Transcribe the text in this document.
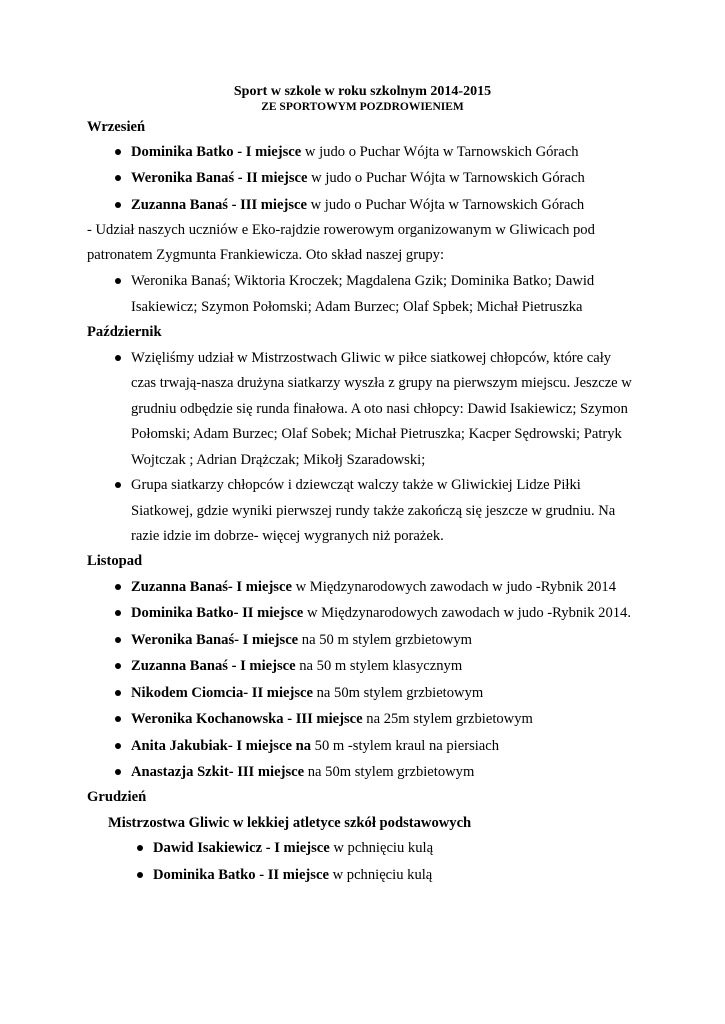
Sport w szkole w roku szkolnym 2014-2015
ZE SPORTOWYM POZDROWIENIEM
Wrzesień
Dominika Batko - I miejsce w judo o Puchar Wójta w Tarnowskich Górach
Weronika Banaś - II miejsce w judo o Puchar Wójta w Tarnowskich Górach
Zuzanna Banaś - III miejsce w judo o Puchar Wójta w Tarnowskich Górach
- Udział naszych uczniów e Eko-rajdzie rowerowym organizowanym w Gliwicach pod
patronatem Zygmunta Frankiewicza. Oto skład naszej grupy:
Weronika Banaś; Wiktoria Kroczek; Magdalena Gzik; Dominika Batko; Dawid
Isakiewicz; Szymon Połomski; Adam Burzec; Olaf Spbek; Michał Pietruszka
Październik
Wzięliśmy udział w Mistrzostwach Gliwic w piłce siatkowej chłopców, które cały
czas trwają-nasza drużyna siatkarzy wyszła z grupy na pierwszym miejscu. Jeszcze w
grudniu odbędzie się runda finałowa. A oto nasi chłopcy: Dawid Isakiewicz; Szymon
Połomski; Adam Burzec; Olaf Sobek; Michał Pietruszka; Kacper Sędrowski; Patryk
Wojtczak ; Adrian Drążczak; Mikołj Szaradowski;
Grupa siatkarzy chłopców i dziewcząt walczy także w Gliwickiej Lidze Piłki
Siatkowej, gdzie wyniki pierwszej rundy także zakończą się jeszcze w grudniu. Na
razie idzie im dobrze- więcej wygranych niż porażek.
Listopad
Zuzanna Banaś- I miejsce w Międzynarodowych zawodach w judo -Rybnik 2014
Dominika Batko- II miejsce w Międzynarodowych zawodach w judo -Rybnik 2014.
Weronika Banaś- I miejsce na 50 m stylem grzbietowym
Zuzanna Banaś - I miejsce na 50 m stylem klasycznym
Nikodem Ciomcia- II miejsce na 50m stylem grzbietowym
Weronika Kochanowska - III miejsce na 25m stylem grzbietowym
Anita Jakubiak- I miejsce na 50 m -stylem kraul na piersiach
Anastazja Szkit- III miejsce na 50m stylem grzbietowym
Grudzień
Mistrzostwa Gliwic w lekkiej atletyce szkół podstawowych
Dawid Isakiewicz - I miejsce w pchnięciu kulą
Dominika Batko - II miejsce w pchnięciu kulą
